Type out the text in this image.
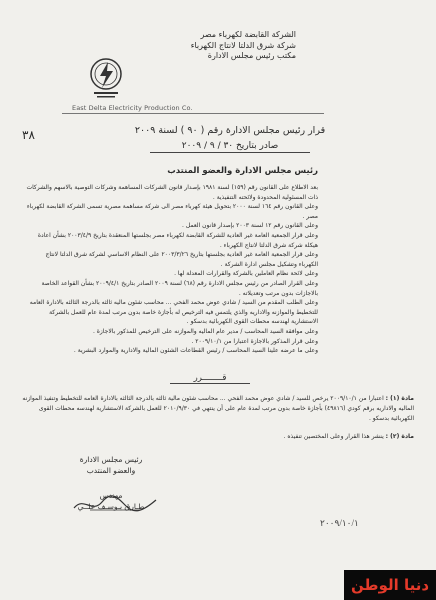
الشركة القابضة لكهرباء مصر
شركة شرق الدلتا لانتاج الكهرباء
مكتب رئيس مجلس الادارة
East Delta Electricity Production Co.
٣٨	قرار رئيس مجلس الادارة رقم ( ٩٠ ) لسنة ٢٠٠٩
صادر بتاريخ ٣٠ / ٩ / ٢٠٠٩
رئيس مجلس الادارة والعضو المنتدب

بعد الاطلاع على القانون رقم (١٥٩) لسنة ١٩٨١ بإصدار قانون الشركات المساهمة وشركات التوصية بالاسهم والشركات ذات المسئولية المحدودة ولائحته التنفيذية .

وعلى القانون رقم ١٦٤ لسنة ٢٠٠٠ بتحويل هيئة كهرباء مصر الى شركة مساهمة مصرية تسمى الشركة القابضة لكهرباء مصر .

وعلى القانون رقم ١٢ لسنة ٢٠٠٣ بإصدار قانون العمل .

وعلى قرار الجمعية العامة غير العادية للشركة القابضة لكهرباء مصر بجلستها المنعقدة بتاريخ ٢٠٠٣/٤/٩ بشأن اعادة هيكلة شركة شرق الدلتا لانتاج الكهرباء .

وعلى قرار الجمعية العامة غير العادية بجلستها بتاريخ ٢٠٠٣/٣/٢٦ على النظام الاساسي لشركة شرق الدلتا لانتاج الكهرباء وتشكيل مجلس ادارة الشركة .

وعلى لائحة نظام العاملين بالشركة والقرارات المعدلة لها .

وعلى القرار الصادر من رئيس مجلس الادارة رقم (٦٨) لسنة ٢٠٠٩ الصادر بتاريخ ٢٠٠٩/٤/١ بشأن القواعد الخاصة بالاجازات بدون مرتب وتعديلاته .

وعلى الطلب المقدم من السيد / شادي عوض محمد الفحي ... محاسب شئون ماليه ثالثه بالدرجة الثالثه بالادارة العامه للتخطيط والموازنه والاداريه والذي يلتمس فيه الترخيص له بأجازة خاصة بدون مرتب لمدة عام للعمل بالشركة الاستشارية لهندسه محطات القوى الكهربائية بدسكو .

وعلى موافقة السيد المحاسب / مدير عام الماليه والموازنه على الترخيص للمذكور بالاجازة .

وعلى قرار المذكور بالاجازة اعتبارا من ٢٠٠٩/١٠/١ .

وعلى ما عرضه علينا السيد المحاسب / رئيس القطاعات الشئون المالية والادارية والموارد البشرية .

قــــــــرر
مادة (١) : اعتبارا من ٢٠٠٩/١٠/١ يرخص للسيد / شادي عوض محمد الفحي ... محاسب شئون مالية ثالثه بالدرجة الثالثه بالادارة العامه للتخطيط وتنفيذ الموازنه الماليه والاداريه برقم كودي (٤٩٨١٦) بأجازة خاصة بدون مرتب لمدة عام على أن ينتهي في ٢٠١٠/٩/٣٠ للعمل بالشركة الاستشارية لهندسه محطات القوى الكهربائية بدسكو .
مادة (٢) : ينشر هذا القرار وعلى المختصين تنفيذه .
رئيس مجلس الادارة
والعضو المنتدب
مهندس
طـارق يـوسـف علــي
٢٠٠٩/١٠/١
دنيا الوطن
